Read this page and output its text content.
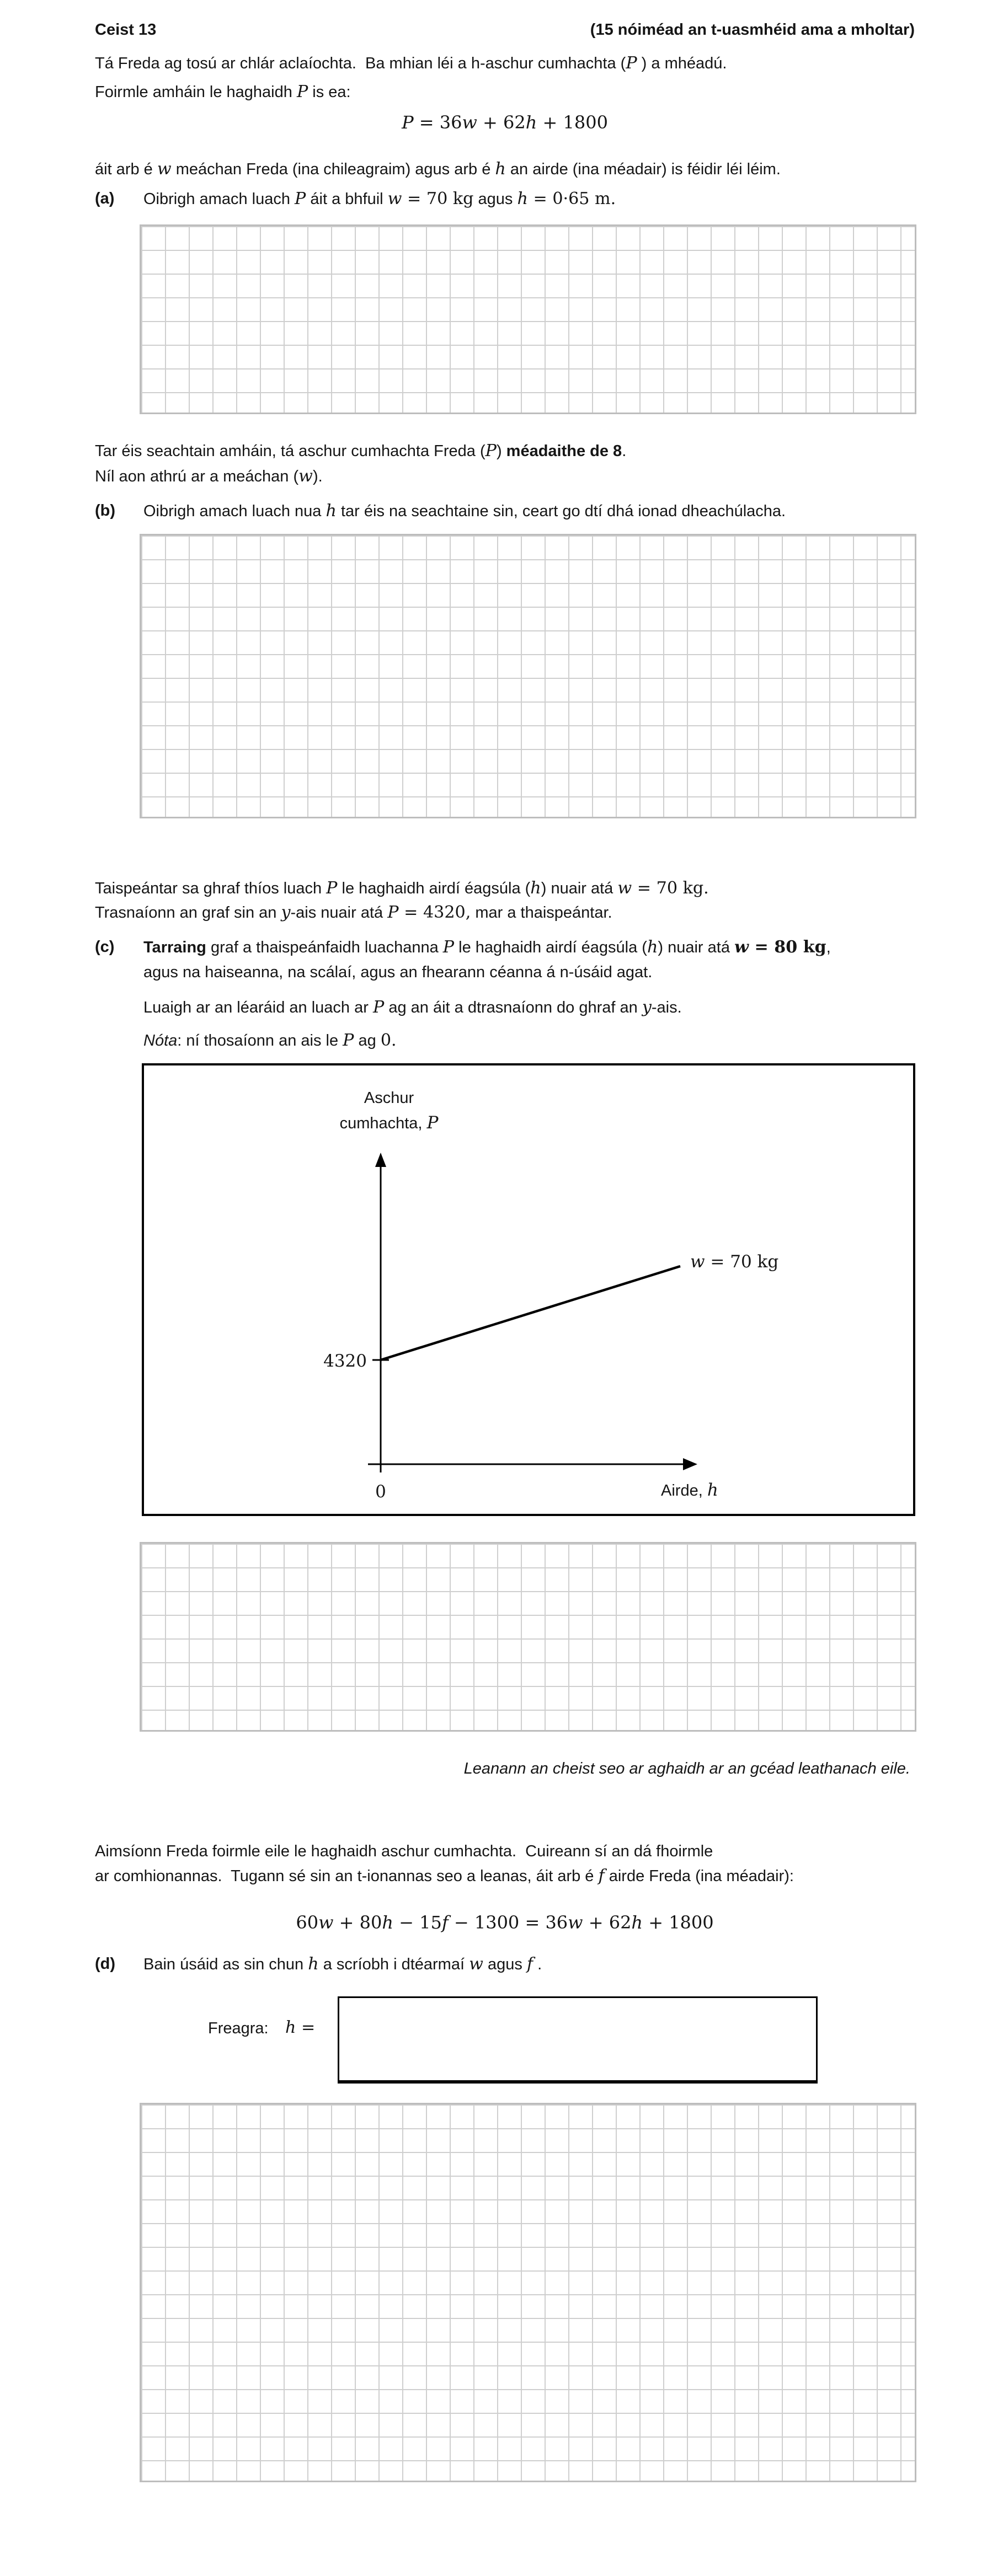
Ceist 13	(15 nóiméad an t-uasmhéid ama a mholtar)
Tá Freda ag tosú ar chlár aclaíochta.  Ba mhian léi a h-aschur cumhachta (P ) a mhéadú.
Foirmle amháin le haghaidh P is ea:
P = 36w + 62h + 1800
áit arb é w meáchan Freda (ina chileagraim) agus arb é h an airde (ina méadair) is féidir léi léim.
(a) Oibrigh amach luach P áit a bhfuil w = 70 kg agus h = 0·65 m.
Tar éis seachtain amháin, tá aschur cumhachta Freda (P) méadaithe de 8.
Níl aon athrú ar a meáchan (w).
(b) Oibrigh amach luach nua h tar éis na seachtaine sin, ceart go dtí dhá ionad dheachúlacha.
Taispeántar sa ghraf thíos luach P le haghaidh airdí éagsúla (h) nuair atá w = 70 kg.
Trasnaíonn an graf sin an y-ais nuair atá P = 4320, mar a thaispeántar.
(c) Tarraing graf a thaispeánfaidh luachanna P le haghaidh airdí éagsúla (h) nuair atá w = 80 kg,
agus na haiseanna, na scálaí, agus an fhearann céanna á n-úsáid agat.
Luaigh ar an léaráid an luach ar P ag an áit a dtrasnaíonn do ghraf an y-ais.
Nóta: ní thosaíonn an ais le P ag 0.
Aschur
cumhachta, P
4320
0	Airde, h
w = 70 kg
Leanann an cheist seo ar aghaidh ar an gcéad leathanach eile.
Aimsíonn Freda foirmle eile le haghaidh aschur cumhachta.  Cuireann sí an dá fhoirmle
ar comhionannas.  Tugann sé sin an t-ionannas seo a leanas, áit arb é f airde Freda (ina méadair):
60w + 80h − 15f − 1300 = 36w + 62h + 1800
(d) Bain úsáid as sin chun h a scríobh i dtéarmaí w agus f .
Freagra: h =
